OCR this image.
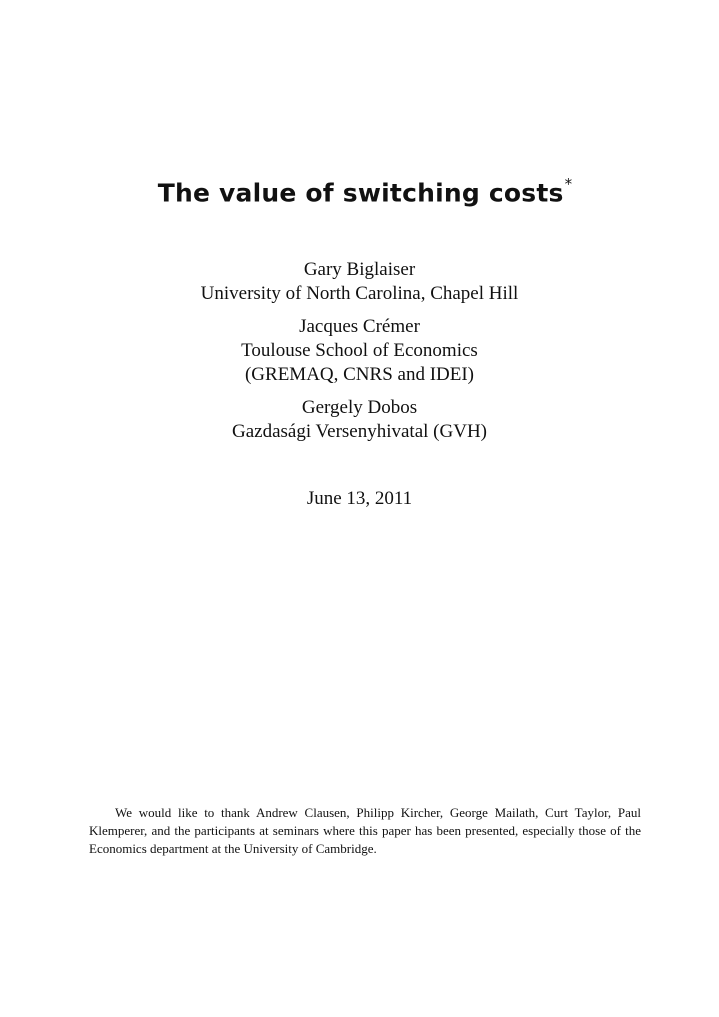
The value of switching costs*
Gary Biglaiser
University of North Carolina, Chapel Hill
Jacques Crémer
Toulouse School of Economics
(GREMAQ, CNRS and IDEI)
Gergely Dobos
Gazdasági Versenyhivatal (GVH)
June 13, 2011

We would like to thank Andrew Clausen, Philipp Kircher, George Mailath, Curt Taylor, Paul Klemperer, and the participants at seminars where this paper has been presented, especially those of the Economics department at the University of Cambridge.
